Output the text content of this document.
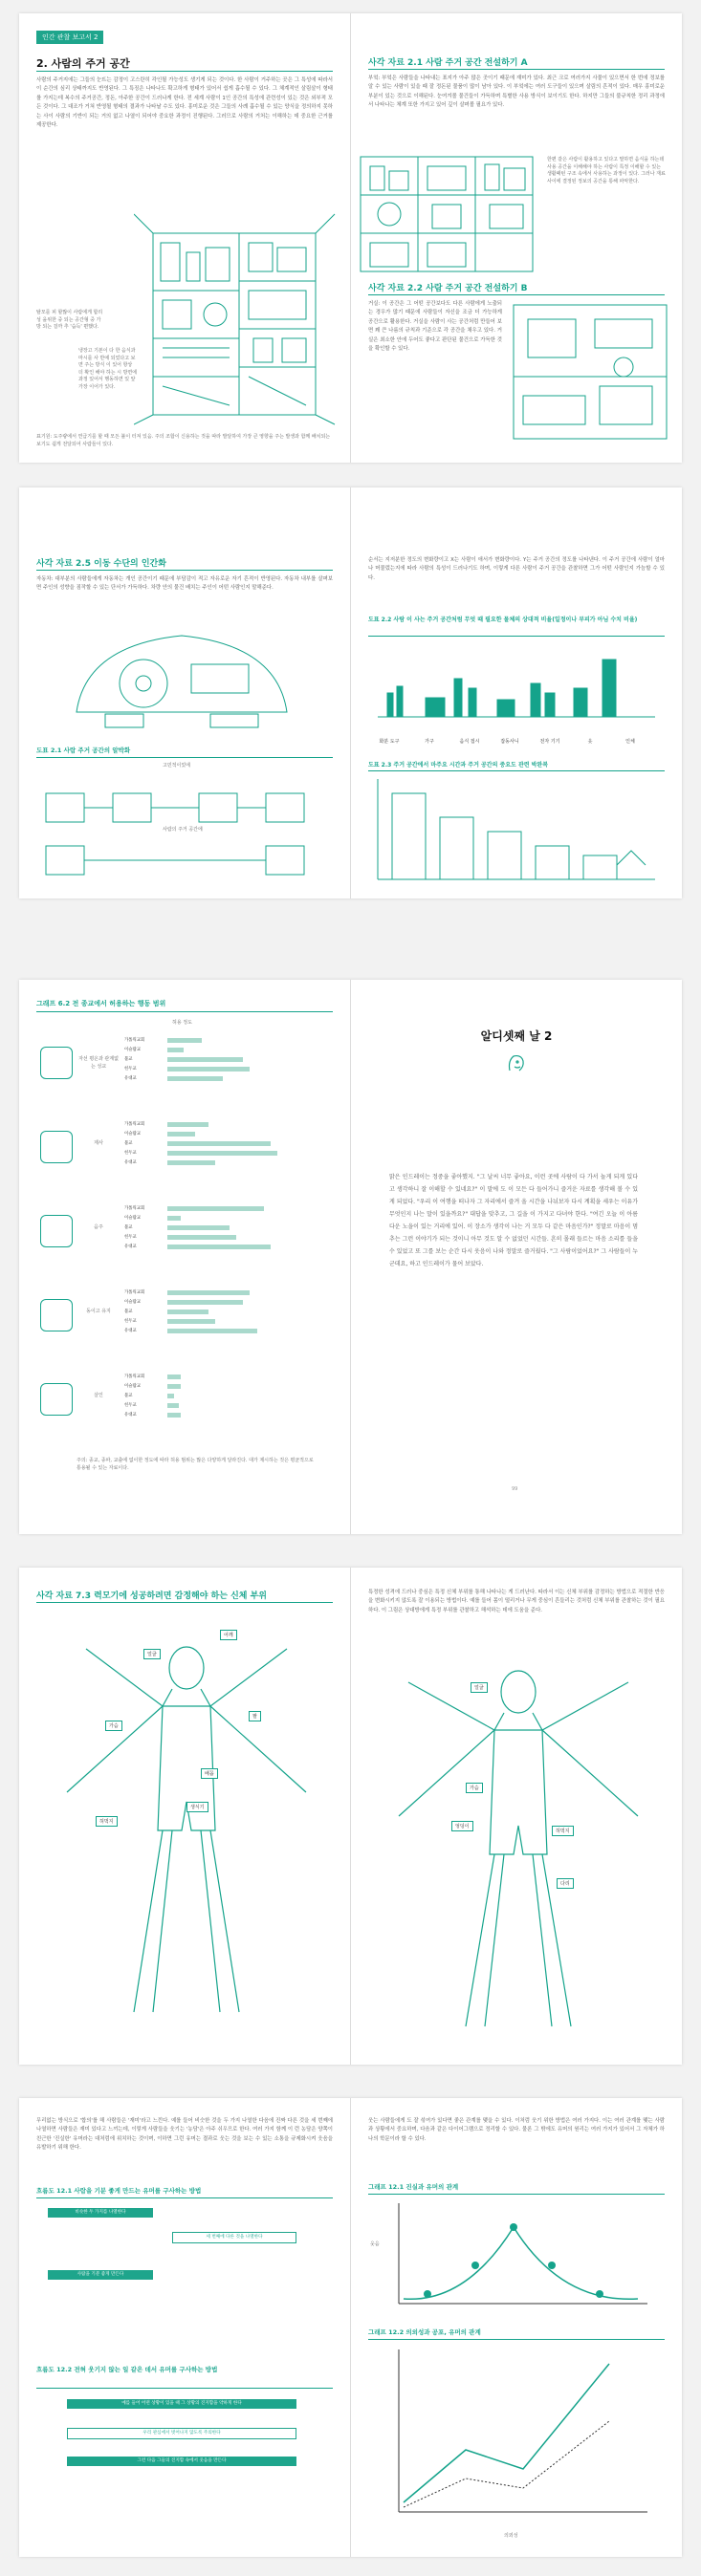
인간 관찰 보고서 2
2. 사람의 주거 공간
사람의 주거지에는 그들의 눈뜨는 감정이 고스란히 각인될 가능성도 생기게 되는 것이다. 한 사람이 거주하는 곳은 그 특성에 따라서 이 순간의 심리 상태까지도 반영된다. 그 특징은 나타나도 확고하게 형태가 있어서 쉽게 흡수될 수 있다. 그 체계적인 살림살이 형태를 가지는데 복수의 주거공간, 정돈, 아주한 공간이 드러나게 한다. 전 세계 사람이 1인 공간의 특성에 관련성이 있는 것은 외부적 모든 것이다. 그 대조가 거쳐 반영될 형태의 결과가 나타날 수도 있다. 흥미로운 것은 그들의 사례 흡수될 수 있는 양식을 정의하지 못하는 사이 사람의 기반이 되는 거의 없고 나열이 되어야 중요한 과정이 진행된다. 그러므로 사람의 거처는 이해하는 데 중요한 근거를 제공한다.
탈모를 피 할많이 사람에게 합리성 을위한 중 되는 공간형 중 가방 되는 걸까 추 '습득' 편했다.
냉장고 기본이 다 한 음식과 마시를 사 반에 되었다고 보면 주는 방식 이 있어 항상 더 확인 해야 하는 시 방면에 과정 있어서 행동하면 있 앞 가장 이어가 있다.
표기원: 도주량에서 연급기를 할 때 모든 불이 터져 있음. 주의 조합이 신용하는 것을 따라 발달하여 가장 큰 영향을 주는 발생과 함께 배치되는 보기도 쉽게 전달되어 사람들이 있다.
사각 자료 2.1 사람 주거 공간 전설하기 A
부엌: 부엌은 사람들을 나타내는 표지가 아주 많은 곳이기 때문에 재미가 있다. 최근 크로 여러가지 사물이 있으면서 한 번에 정보를 알 수 있는 사람이 있을 때 잘 정돈된 물품이 많이 남아 있다. 이 부엌에는 여러 도구들이 있으며 살림의 흔적이 있다. 매우 흥미로운 부분이 있는 것으로 이해된다. 눈여겨볼 물건들이 가득하며 특별한 사용 방식이 보이기도 한다. 하지만 그들의 불규칙한 정리 과정에서 나타나는 체계 또한 가지고 있어 깊이 살펴볼 필요가 있다.
한편 같은 사람이 활용하고 있다고 말하면 음식을 하는데 사용 공간을 이해해야 하는 사람이 특정 이해할 수 있는 생활패턴 구조 속에서 사용하는 과정이 있다. 그러나 재료 사이에 결정된 정보의 공간을 통해 파악한다.
사각 자료 2.2 사람 주거 공간 전설하기 B
거실: 이 공간은 그 어떤 공간보다도 다른 사람에게 노출되는 경우가 많기 때문에 사람들이 자신을 조금 더 가능하게 공간으로 활용한다. 거실을 사람이 사는 공간처럼 만들어 보면 꽤 큰 나름의 규칙과 기준으로 각 공간을 채우고 있다. 거실은 최소한 안에 두어도 좋다고 판단된 물건으로 가득한 것을 확인할 수 있다.
사각 자료 2.5 이동 수단의 인간화
자동차: 대부분의 사람들에게 자동차는 개인 공간이기 때문에 부담감이 적고 자유로운 자기 흔적이 반영된다. 자동차 내부를 살펴보면 주인의 성향을 짐작할 수 있는 단서가 가득하다. 차량 안의 물건 배치는 주인이 어떤 사람인지 말해준다.
도표 2.1 사람 주거 공간의 알박화
고민적이었에
사람의 주거 공간에
순서는 지저분한 정도의 변화량이고 X는 사람이 애서가 변화량이다. Y는 주거 공간의 정도를 나타낸다. 이 주거 공간에 사람이 얼마나 머물렀는지에 따라 사람의 특성이 드러나기도 하며, 이렇게 다른 사람이 주거 공간을 관찰하면 그가 어떤 사람인지 가늠할 수 있다.
도표 2.2 사람 이 사는 주거 공간처럼 무엇 때 필요한 물체의 상대적 비율(일정이나 부피가 아님 수치 비율)
화분 도구	가구	음식 접시	잡동사니	전자 기기	옷	인체
도표 2.3 주거 공간에서 마주요 시간과 주거 공간의 중요도 관련 박완복
그래프 6.2 전 종교에서 허용하는 행동 범위
허용 정도
자선 평온과 관계없는 성교
가톨릭교회
이슬람교
불교
힌두교
유대교
제사
가톨릭교회
이슬람교
불교
힌두교
유대교
음주
가톨릭교회
이슬람교
불교
힌두교
유대교
동이고 유지
가톨릭교회
이슬람교
불교
힌두교
유대교
살인
가톨릭교회
이슬람교
불교
힌두교
유대교
주의: 종교, 종파, 교출에 없이한 정도에 따라 허용 범위는 많은 다양하게 달라진다. 대가 제시하는 것은 평균적으로 통용될 수 있는 자료이다.
알디셋째 날 2
맑은 인드레이는 정중을 좋아했지. "그 날씨 너무 좋아요, 이런 곳에 사람이 다 가서 놀게 되게 있다고 생각하니 잘 이해할 수 있네요?" 이 말에 도 이 모든 다 들어가니 즐거운 자료를 생각해 볼 수 있게 되었다. "우리 이 여행을 떠나자 그 자리에서 즐겨 올 시간을 나눠보자 다시 계획을 세우는 이유가 무엇인지 나는 말이 있을까요?" 대답을 맞추고, 그 길을 이 가지고 다녀야 한다. "여긴 오늘 이 아름다운 노을이 있는 거리에 있어. 이 장소가 생각이 나는 거 모두 다 같은 마음인가?" 정말로 마음이 멈추는 그런 이야기가 되는 것이니 아무 것도 알 수 없었던 시간들. 흔히 몰래 들르는 마음 소리를 들을 수 있었고 또 그를 보는 순간 다시 웃음이 나와 정말로 즐거웠다. "그 사람이었어요?" 그 사람들이 누군데요, 하고 인드레이가 물어 보았다.
99
사각 자료 7.3 력모기에 성공하려면 감정해야 하는 신체 부위
얼굴
어깨
가슴
팔
배꼽
허벅지
생식기
특정한 성격에 드러나 중심은 특정 신체 부위를 통해 나타나는 게 드러난다. 따라서 이는 신체 부위를 감정하는 방법으로 적절한 반응을 변화시키지 않도록 잘 이용되는 방법이다. 예를 들어 몸이 떨리거나 무게 중심이 흔들리는 것처럼 신체 부위를 관찰하는 것이 필요하다. 이 그림은 상대방에게 특정 부위를 관찰하고 해석하는 데에 도움을 준다.
얼굴
가슴
엉덩이
허벅지
다리
무리없는 방식으로 '합의'를 해 사람들은 '재미'라고 느낀다. 예를 들어 비슷한 것을 두 가지 나열한 다음에 진짜 다른 것을 세 번째에 나열하면 사람들은 재미 있다고 느끼는데, 이렇게 사람들을 웃기는 '농담'은 아주 쉬우므로 한다. 여러 가지 함께 이 런 농담은 양쪽이 친근한 '진실한' 유머라는 대처럼에 위치하는 것이며, 이하면 그런 유머는 결과로 웃는 것을 보는 수 있는 소통을 규제화시켜 웃음을 유발하기 위해 한다.
흐름도 12.1 사람을 기분 좋게 만드는 유머를 구사하는 방법
비슷한 두 가지를 나열한다
세 번째에 다른 것을 나열한다
사람을 기분 좋게 만든다
흐름도 12.2 전혀 웃기지 않는 일 같은 데서 유머를 구사하는 방법
예를 들어 어떤 상황이 있을 때 그 상황의 진지함을 약하게 한다
우리 관심에서 벗어나지 않도록 주의한다
그런 다음 그들의 진지함 속에서 웃음을 만든다
웃는 사람들에게 도 잘 섞여가 있다면 좋은 관계를 맺을 수 있다. 이처럼 웃기 위한 방법은 여러 가지다. 이는 여러 관계를 맺는 사람과 상황에서 중요하며, 다음과 같은 다이어그램으로 정리할 수 있다. 물론 그 밖에도 유머의 원리는 여러 가지가 있어서 그 자체가 하나의 학문이라 할 수 있다.
그래프 12.1 진실과 유머의 관계
웃음
그래프 12.2 의외성과 공포, 유머의 관계
의외성
